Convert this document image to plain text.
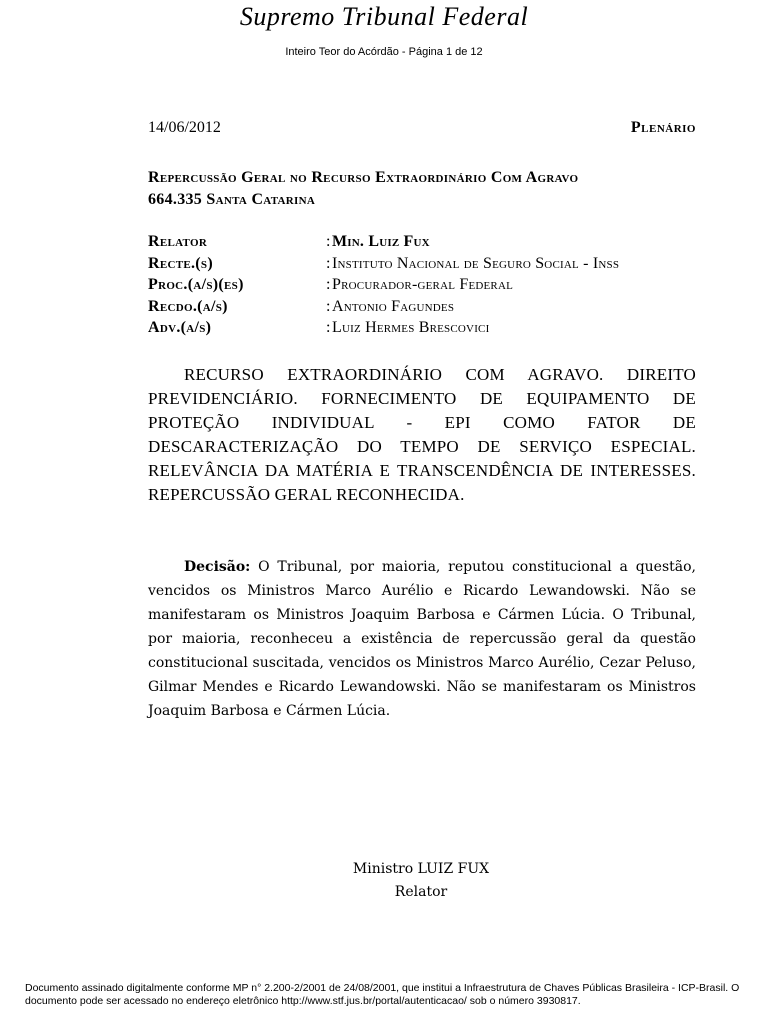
Supremo Tribunal Federal
Inteiro Teor do Acórdão - Página 1 de 12
14/06/2012	Plenário
Repercussão Geral no Recurso Extraordinário Com Agravo
664.335 Santa Catarina
Relator	: Min. Luiz Fux
Recte.(s)	: Instituto Nacional de Seguro Social - Inss
Proc.(a/s)(es)	: Procurador-geral Federal
Recdo.(a/s)	: Antonio Fagundes
Adv.(a/s)	: Luiz Hermes Brescovici
RECURSO EXTRAORDINÁRIO COM AGRAVO. DIREITO PREVIDENCIÁRIO. FORNECIMENTO DE EQUIPAMENTO DE PROTEÇÃO INDIVIDUAL - EPI COMO FATOR DE DESCARACTERIZAÇÃO DO TEMPO DE SERVIÇO ESPECIAL. RELEVÂNCIA DA MATÉRIA E TRANSCENDÊNCIA DE INTERESSES. REPERCUSSÃO GERAL RECONHECIDA.
Decisão: O Tribunal, por maioria, reputou constitucional a questão, vencidos os Ministros Marco Aurélio e Ricardo Lewandowski. Não se manifestaram os Ministros Joaquim Barbosa e Cármen Lúcia. O Tribunal, por maioria, reconheceu a existência de repercussão geral da questão constitucional suscitada, vencidos os Ministros Marco Aurélio, Cezar Peluso, Gilmar Mendes e Ricardo Lewandowski. Não se manifestaram os Ministros Joaquim Barbosa e Cármen Lúcia.
Ministro LUIZ FUX
Relator
Documento assinado digitalmente conforme MP n° 2.200-2/2001 de 24/08/2001, que institui a Infraestrutura de Chaves Públicas Brasileira - ICP-Brasil. O
documento pode ser acessado no endereço eletrônico http://www.stf.jus.br/portal/autenticacao/ sob o número 3930817.
